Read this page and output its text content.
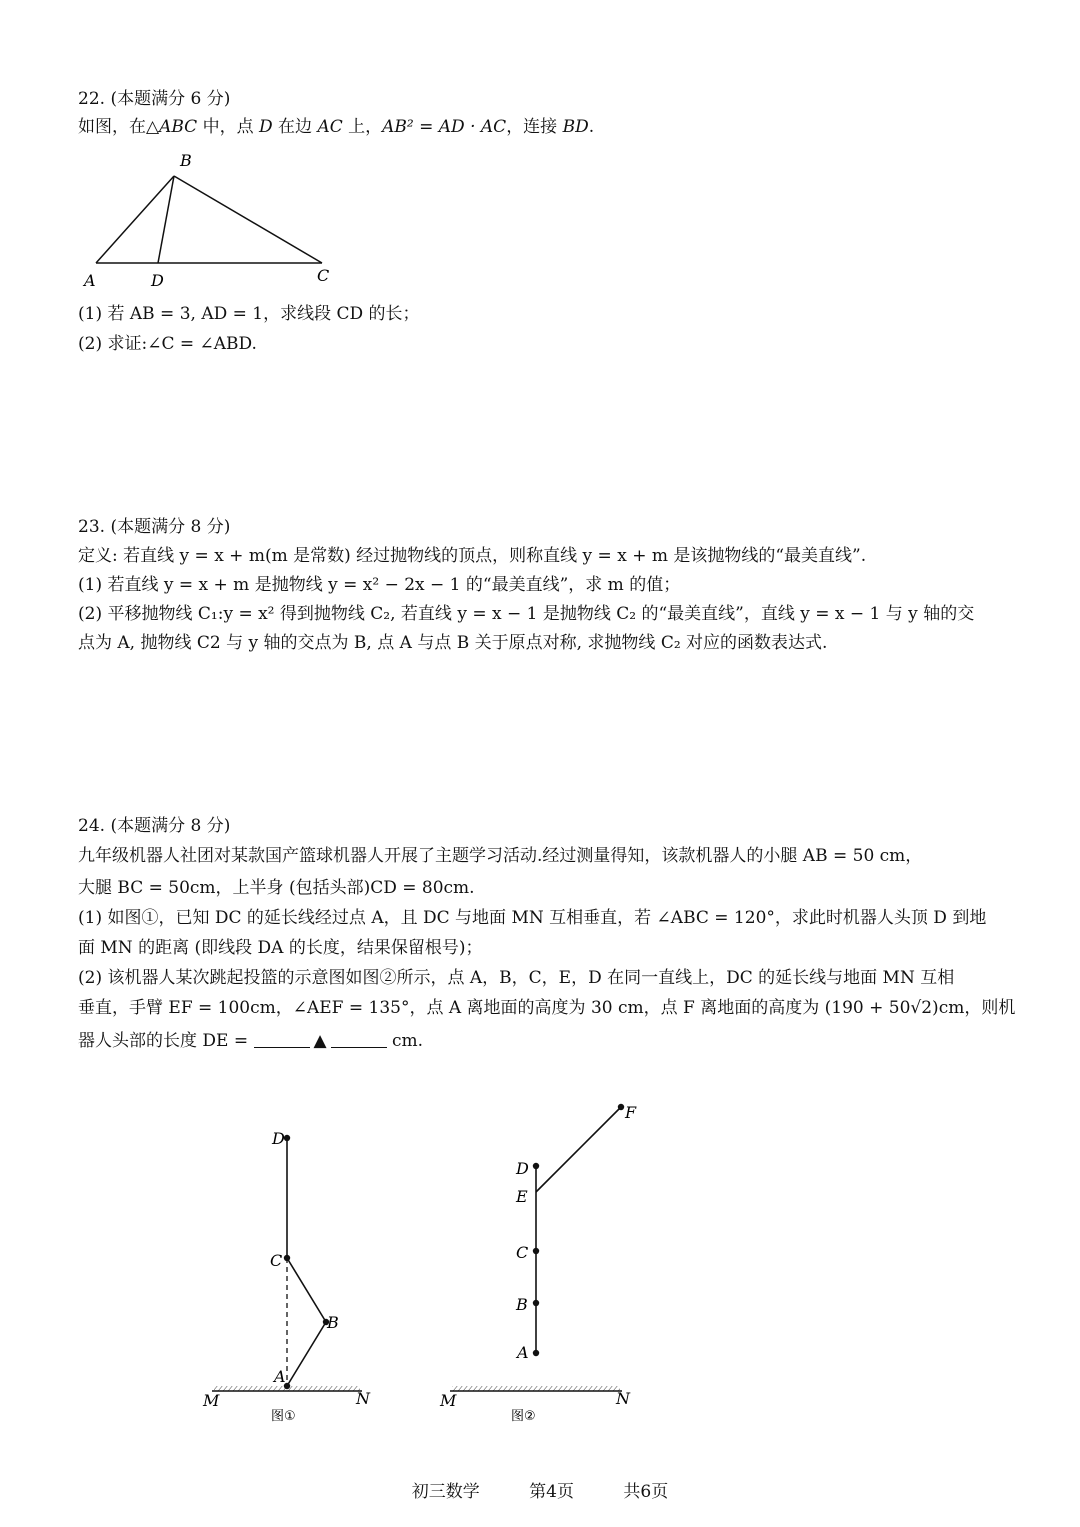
22. (本题满分 6 分)
如图，在△ABC 中，点 D 在边 AC 上，AB² = AD · AC，连接 BD.
B
A	D	C
(1) 若 AB = 3, AD = 1，求线段 CD 的长；
(2) 求证:∠C = ∠ABD.
23. (本题满分 8 分)
定义: 若直线 y = x + m(m 是常数) 经过抛物线的顶点，则称直线 y = x + m 是该抛物线的“最美直线”.
(1) 若直线 y = x + m 是抛物线 y = x² − 2x − 1 的“最美直线”，求 m 的值；
(2) 平移抛物线 C₁:y = x² 得到抛物线 C₂, 若直线 y = x − 1 是抛物线 C₂ 的“最美直线”，直线 y = x − 1 与 y 轴的交
点为 A, 抛物线 C2 与 y 轴的交点为 B, 点 A 与点 B 关于原点对称, 求抛物线 C₂ 对应的函数表达式.
24. (本题满分 8 分)
九年级机器人社团对某款国产篮球机器人开展了主题学习活动.经过测量得知，该款机器人的小腿 AB = 50 cm，
大腿 BC = 50cm，上半身 (包括头部)CD = 80cm.
(1) 如图①，已知 DC 的延长线经过点 A，且 DC 与地面 MN 互相垂直，若 ∠ABC = 120°，求此时机器人头顶 D 到地
面 MN 的距离 (即线段 DA 的长度，结果保留根号)；
(2) 该机器人某次跳起投篮的示意图如图②所示，点 A，B，C，E，D 在同一直线上，DC 的延长线与地面 MN 互相
垂直，手臂 EF = 100cm，∠AEF = 135°，点 A 离地面的高度为 30 cm，点 F 离地面的高度为 (190 + 50√2)cm，则机
器人头部的长度 DE =	▲	cm.
D
C
B
A
M	N
图①
F
D
E
C
B
A
M	N
图②
初三数学	第4页	共6页
